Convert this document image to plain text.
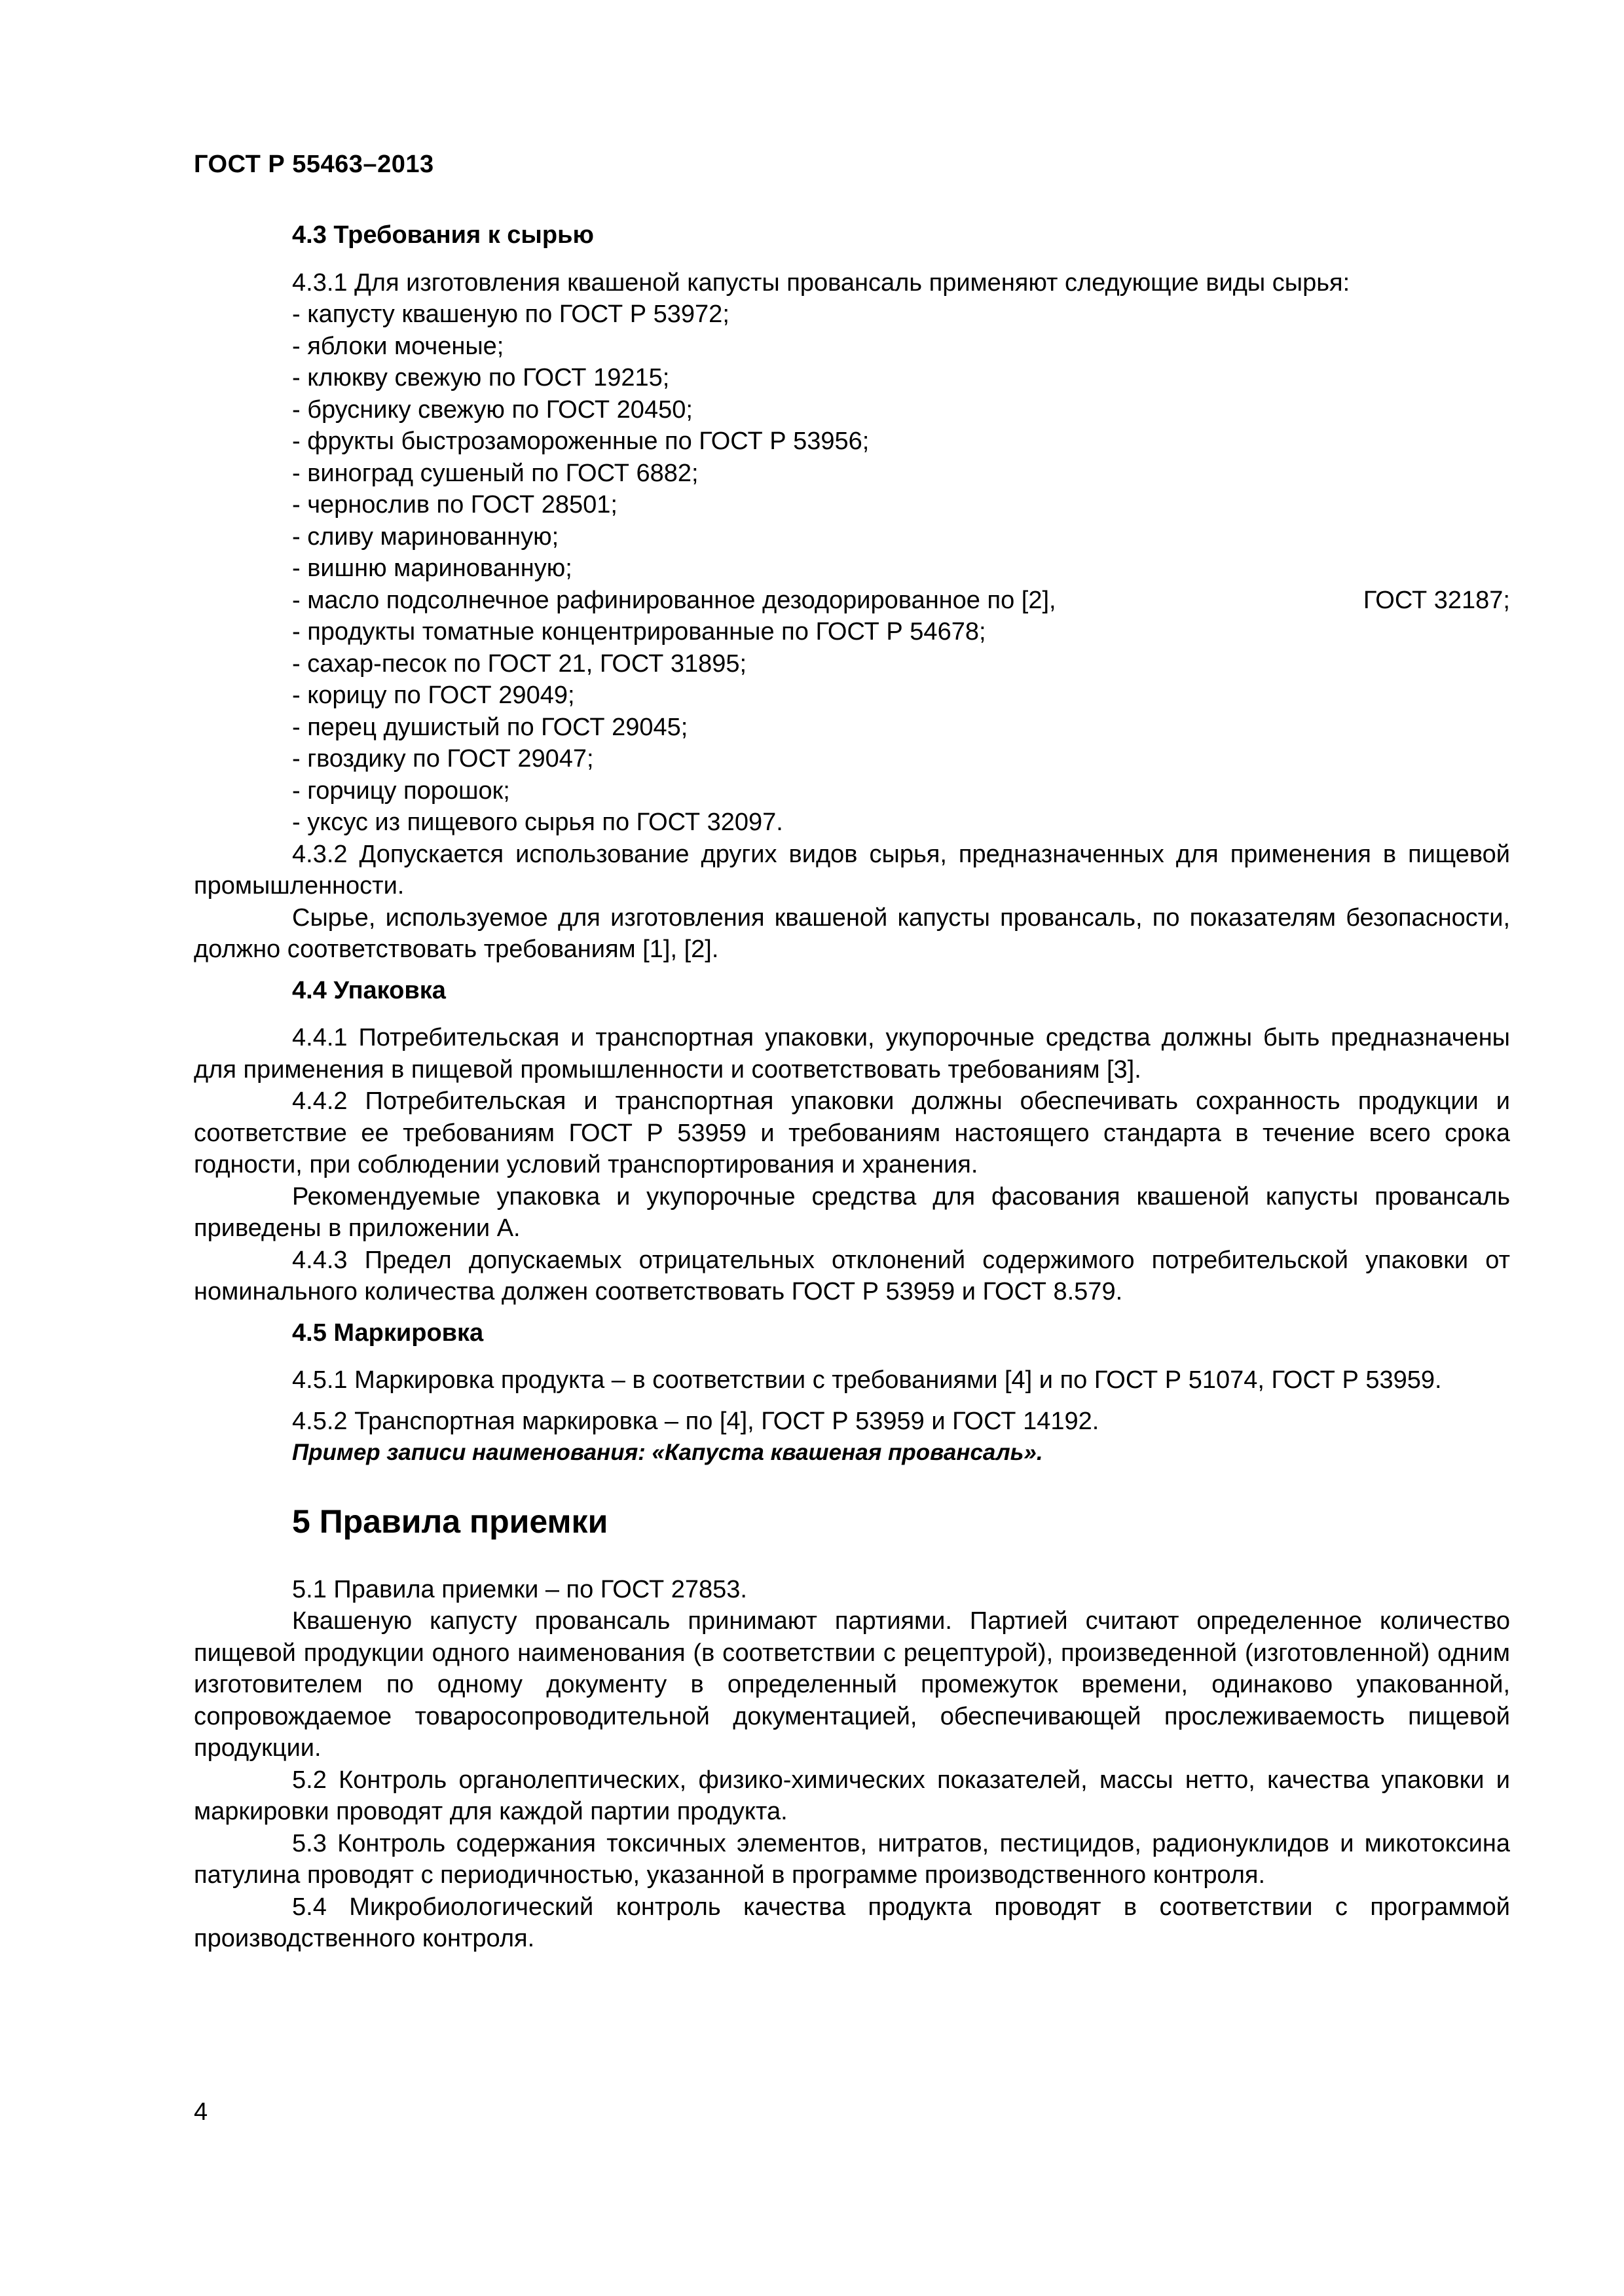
ГОСТ Р 55463–2013

4.3 Требования к сырью

4.3.1 Для изготовления квашеной капусты провансаль применяют следующие виды сырья:

- капусту квашеную по ГОСТ Р 53972;

- яблоки моченые;

- клюкву свежую по ГОСТ 19215;

- бруснику свежую по ГОСТ 20450;

- фрукты быстрозамороженные по ГОСТ Р 53956;

- виноград сушеный по ГОСТ 6882;

- чернослив по ГОСТ 28501;

- сливу маринованную;

- вишню маринованную;

- масло подсолнечное рафинированное дезодорированное по [2],	ГОСТ 32187;

- продукты томатные концентрированные по ГОСТ Р 54678;

- сахар-песок по ГОСТ 21, ГОСТ 31895;

- корицу по ГОСТ 29049;

- перец душистый по ГОСТ 29045;

- гвоздику по ГОСТ 29047;

- горчицу порошок;

- уксус из пищевого сырья по ГОСТ 32097.

4.3.2 Допускается использование других видов сырья, предназначенных для применения в пищевой промышленности.

Сырье, используемое для изготовления квашеной капусты провансаль, по показателям безопасности, должно соответствовать требованиям [1], [2].

4.4 Упаковка

4.4.1 Потребительская и транспортная упаковки, укупорочные средства должны быть предназначены для применения в пищевой промышленности и соответствовать требованиям [3].

4.4.2 Потребительская и транспортная упаковки должны обеспечивать сохранность продукции и соответствие ее требованиям ГОСТ Р 53959 и требованиям настоящего стандарта в течение всего срока годности, при соблюдении условий транспортирования и хранения.

Рекомендуемые упаковка и укупорочные средства для фасования квашеной капусты провансаль приведены в приложении А.

4.4.3 Предел допускаемых отрицательных отклонений содержимого потребительской упаковки от номинального количества должен соответствовать ГОСТ Р 53959 и ГОСТ 8.579.

4.5 Маркировка

4.5.1 Маркировка продукта – в соответствии с требованиями [4] и по ГОСТ Р 51074, ГОСТ Р 53959.

4.5.2 Транспортная маркировка – по [4], ГОСТ Р 53959 и ГОСТ 14192.

Пример записи наименования: «Капуста квашеная провансаль».

5 Правила приемки

5.1 Правила приемки – по ГОСТ 27853.

Квашеную капусту провансаль принимают партиями. Партией считают определенное количество пищевой продукции одного наименования (в соответствии с рецептурой), произведенной (изготовленной) одним изготовителем по одному документу в определенный промежуток времени, одинаково упакованной, сопровождаемое товаросопроводительной документацией, обеспечивающей прослеживаемость пищевой продукции.

5.2 Контроль органолептических, физико-химических показателей, массы нетто, качества упаковки и маркировки проводят для каждой партии продукта.

5.3 Контроль содержания токсичных элементов, нитратов, пестицидов, радионуклидов и микотоксина патулина проводят с периодичностью, указанной в программе производственного контроля.

5.4 Микробиологический контроль качества продукта проводят в соответствии с программой производственного контроля.

4
